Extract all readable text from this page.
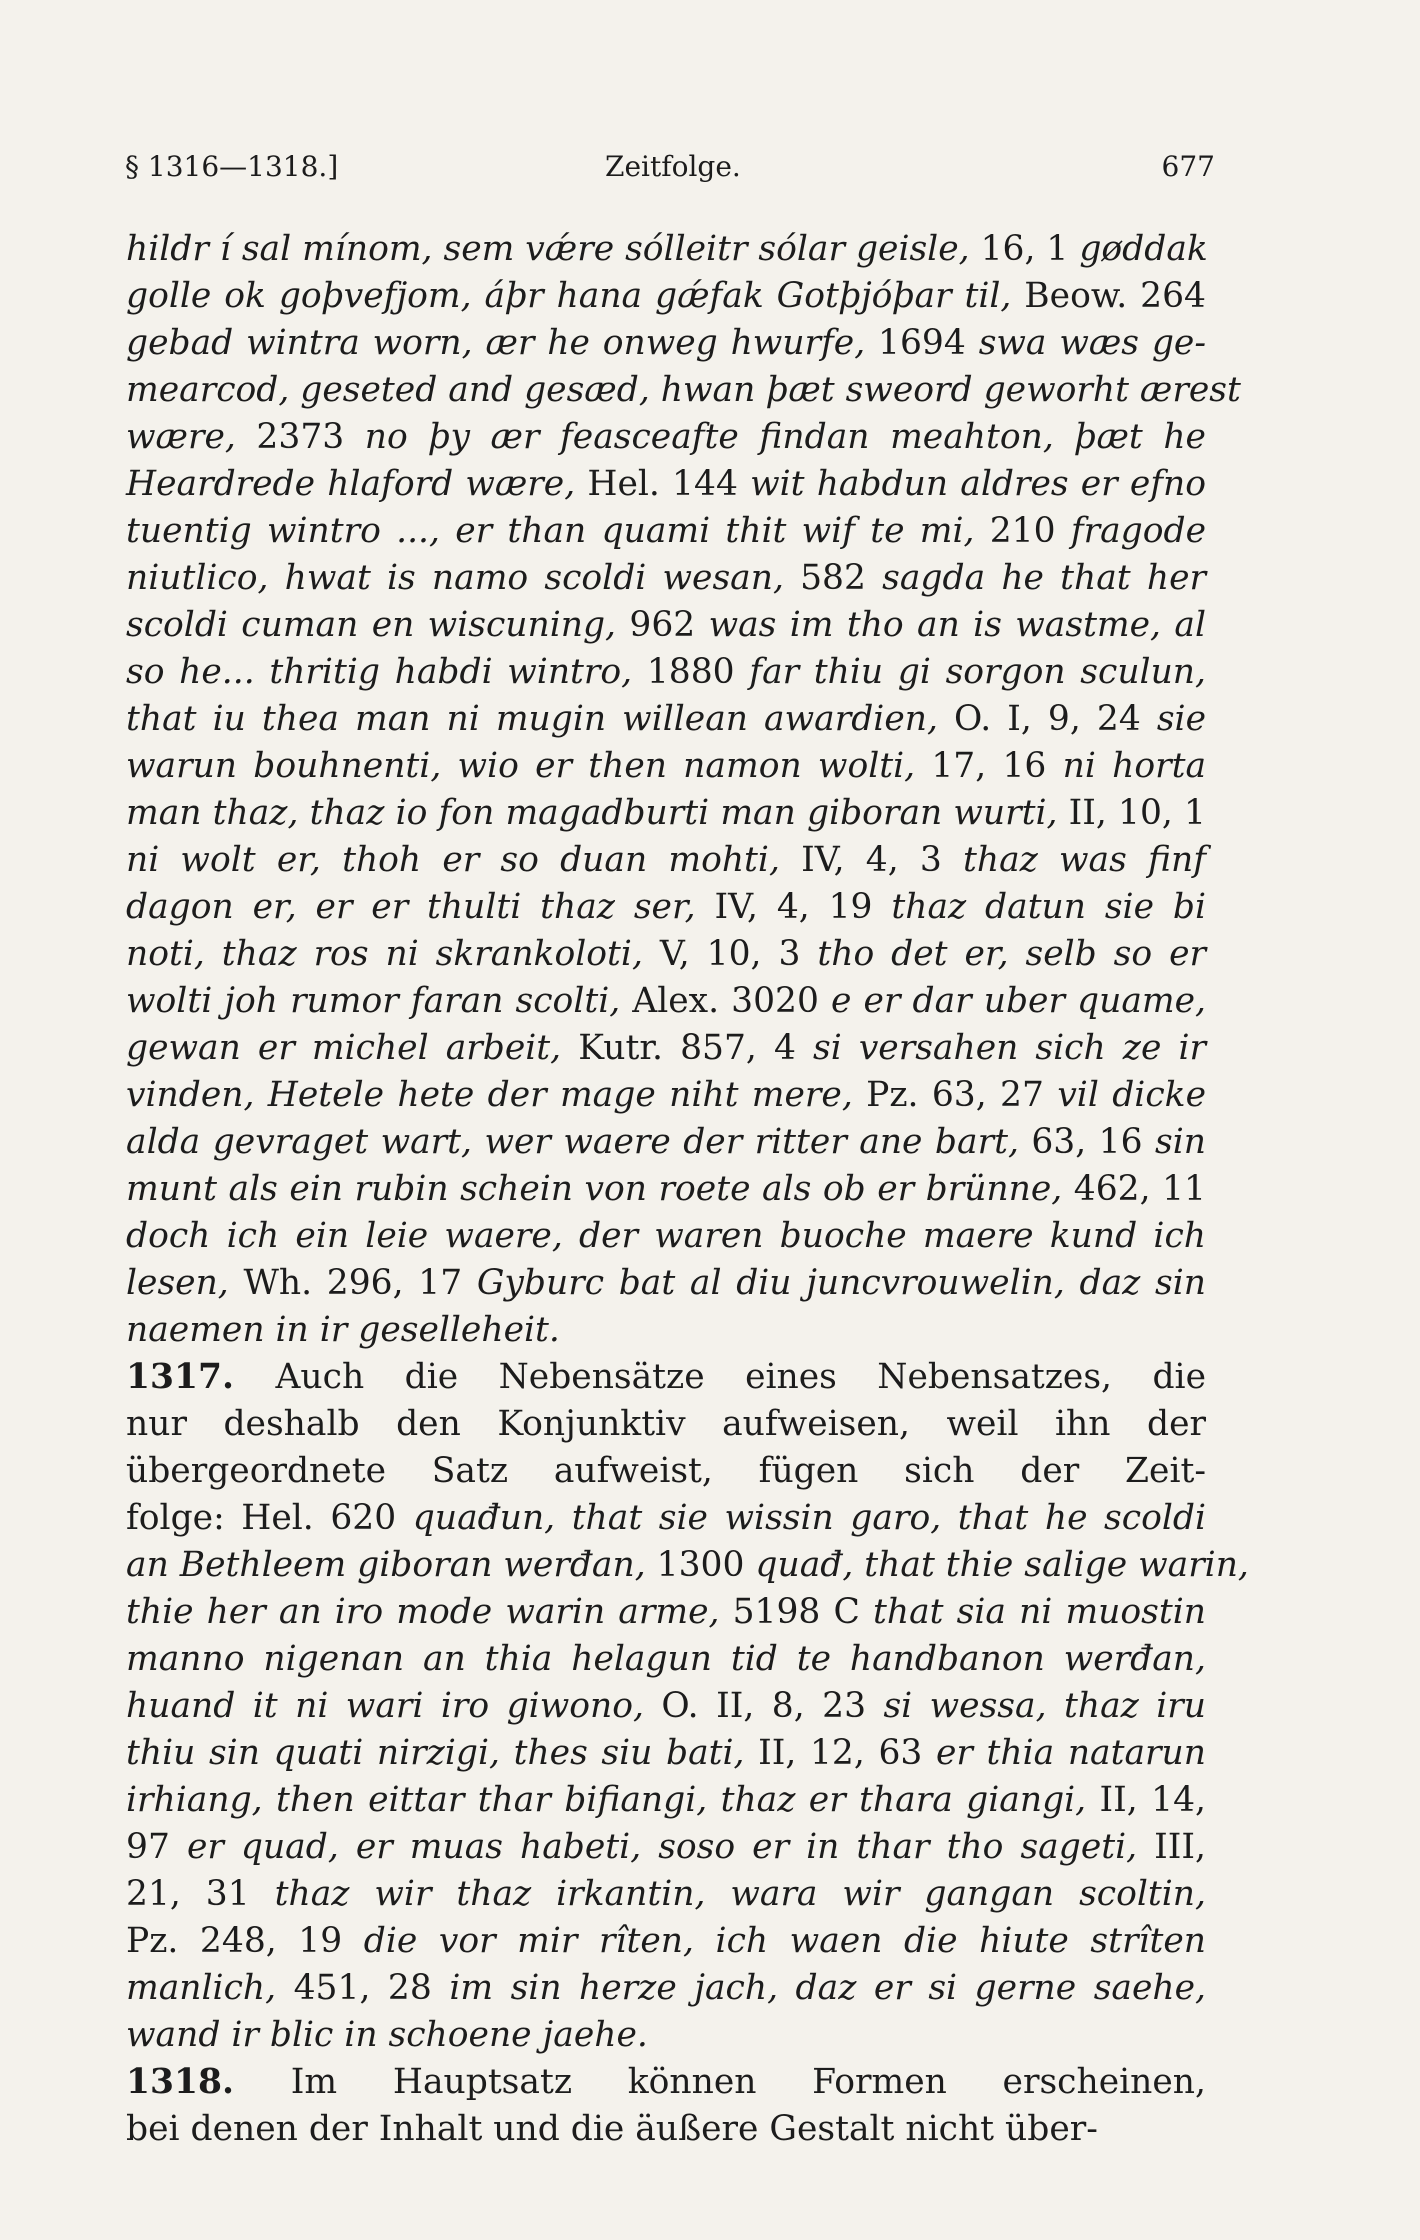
§ 1316—1318.]	Zeitfolge.	677
hildr í sal mínom, sem vǽre sólleitr sólar geisle, 16, 1 gøddak
golle ok goþvefjom, áþr hana gǽfak Gotþjóþar til, Beow. 264
gebad wintra worn, ær he onweg hwurfe, 1694 swa wæs ge-
mearcod, geseted and gesæd, hwan þæt sweord geworht ærest
wære, 2373 no þy ær feasceafte findan meahton, þæt he
Heardrede hlaford wære, Hel. 144 wit habdun aldres er efno
tuentig wintro ..., er than quami thit wif te mi, 210 fragode
niutlico, hwat is namo scoldi wesan, 582 sagda he that her
scoldi cuman en wiscuning, 962 was im tho an is wastme, al
so he... thritig habdi wintro, 1880 far thiu gi sorgon sculun,
that iu thea man ni mugin willean awardien, O. I, 9, 24 sie
warun bouhnenti, wio er then namon wolti, 17, 16 ni horta
man thaz, thaz io fon magadburti man giboran wurti, II, 10, 1
ni wolt er, thoh er so duan mohti, IV, 4, 3 thaz was finf
dagon er, er er thulti thaz ser, IV, 4, 19 thaz datun sie bi
noti, thaz ros ni skrankoloti, V, 10, 3 tho det er, selb so er
wolti joh rumor faran scolti, Alex. 3020 e er dar uber quame,
gewan er michel arbeit, Kutr. 857, 4 si versahen sich ze ir
vinden, Hetele hete der mage niht mere, Pz. 63, 27 vil dicke
alda gevraget wart, wer waere der ritter ane bart, 63, 16 sin
munt als ein rubin schein von roete als ob er brünne, 462, 11
doch ich ein leie waere, der waren buoche maere kund ich
lesen, Wh. 296, 17 Gyburc bat al diu juncvrouwelin, daz sin
naemen in ir geselleheit.
1317. Auch die Nebensätze eines Nebensatzes, die
nur deshalb den Konjunktiv aufweisen, weil ihn der
übergeordnete Satz aufweist, fügen sich der Zeit-
folge: Hel. 620 quađun, that sie wissin garo, that he scoldi
an Bethleem giboran werđan, 1300 quađ, that thie salige warin,
thie her an iro mode warin arme, 5198 C that sia ni muostin
manno nigenan an thia helagun tid te handbanon werđan,
huand it ni wari iro giwono, O. II, 8, 23 si wessa, thaz iru
thiu sin quati nirzigi, thes siu bati, II, 12, 63 er thia natarun
irhiang, then eittar thar bifiangi, thaz er thara giangi, II, 14,
97 er quad, er muas habeti, soso er in thar tho sageti, III,
21, 31 thaz wir thaz irkantin, wara wir gangan scoltin,
Pz. 248, 19 die vor mir rîten, ich waen die hiute strîten
manlich, 451, 28 im sin herze jach, daz er si gerne saehe,
wand ir blic in schoene jaehe.
1318. Im Hauptsatz können Formen erscheinen,
bei denen der Inhalt und die äußere Gestalt nicht über-
